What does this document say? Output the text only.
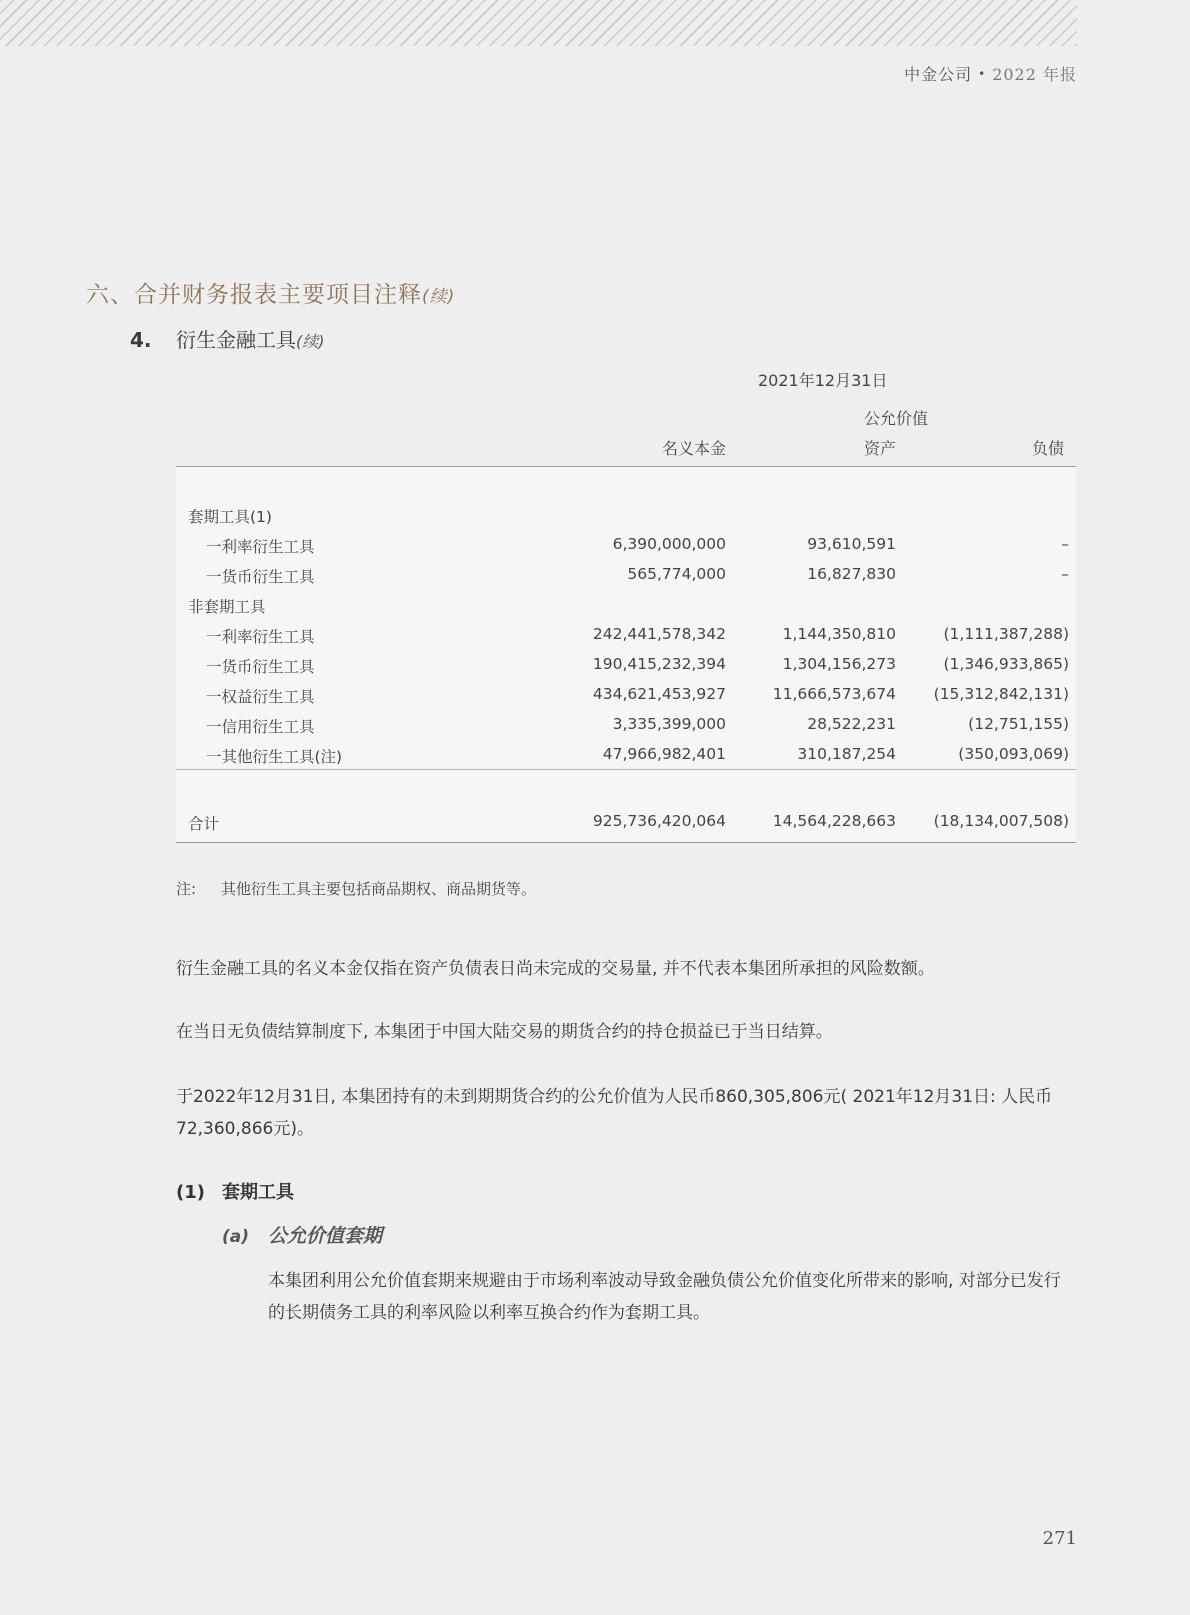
中金公司 • 2022 年报
六、合并财务报表主要项目注释(续)
4. 衍生金融工具(续)
2021年12月31日
公允价值
名义本金	资产	负债
套期工具(1)
一利率衍生工具	6,390,000,000	93,610,591	–
一货币衍生工具	565,774,000	16,827,830	–
非套期工具
一利率衍生工具	242,441,578,342	1,144,350,810	(1,111,387,288)
一货币衍生工具	190,415,232,394	1,304,156,273	(1,346,933,865)
一权益衍生工具	434,621,453,927	11,666,573,674 (15,312,842,131)
一信用衍生工具	3,335,399,000	28,522,231	(12,751,155)
一其他衍生工具(注)	47,966,982,401	310,187,254	(350,093,069)
合计	925,736,420,064	14,564,228,663 (18,134,007,508)
注: 其他衍生工具主要包括商品期权、商品期货等。
衍生金融工具的名义本金仅指在资产负债表日尚未完成的交易量, 并不代表本集团所承担的风险数额。
在当日无负债结算制度下, 本集团于中国大陆交易的期货合约的持仓损益已于当日结算。
于2022年12月31日, 本集团持有的未到期期货合约的公允价值为人民币860,305,806元( 2021年12月31日: 人民币72,360,866元)。
(1) 套期工具
(a) 公允价值套期
本集团利用公允价值套期来规避由于市场利率波动导致金融负债公允价值变化所带来的影响, 对部分已发行的长期债务工具的利率风险以利率互换合约作为套期工具。
271
